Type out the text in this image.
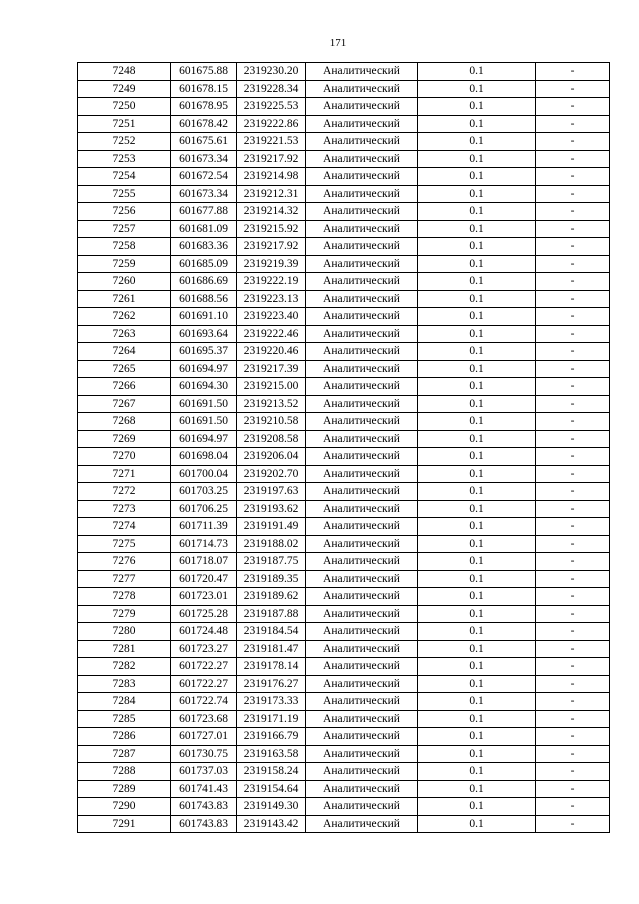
171
7248	601675.88	2319230.20	Аналитический	0.1	-
7249	601678.15	2319228.34	Аналитический	0.1	-
7250	601678.95	2319225.53	Аналитический	0.1	-
7251	601678.42	2319222.86	Аналитический	0.1	-
7252	601675.61	2319221.53	Аналитический	0.1	-
7253	601673.34	2319217.92	Аналитический	0.1	-
7254	601672.54	2319214.98	Аналитический	0.1	-
7255	601673.34	2319212.31	Аналитический	0.1	-
7256	601677.88	2319214.32	Аналитический	0.1	-
7257	601681.09	2319215.92	Аналитический	0.1	-
7258	601683.36	2319217.92	Аналитический	0.1	-
7259	601685.09	2319219.39	Аналитический	0.1	-
7260	601686.69	2319222.19	Аналитический	0.1	-
7261	601688.56	2319223.13	Аналитический	0.1	-
7262	601691.10	2319223.40	Аналитический	0.1	-
7263	601693.64	2319222.46	Аналитический	0.1	-
7264	601695.37	2319220.46	Аналитический	0.1	-
7265	601694.97	2319217.39	Аналитический	0.1	-
7266	601694.30	2319215.00	Аналитический	0.1	-
7267	601691.50	2319213.52	Аналитический	0.1	-
7268	601691.50	2319210.58	Аналитический	0.1	-
7269	601694.97	2319208.58	Аналитический	0.1	-
7270	601698.04	2319206.04	Аналитический	0.1	-
7271	601700.04	2319202.70	Аналитический	0.1	-
7272	601703.25	2319197.63	Аналитический	0.1	-
7273	601706.25	2319193.62	Аналитический	0.1	-
7274	601711.39	2319191.49	Аналитический	0.1	-
7275	601714.73	2319188.02	Аналитический	0.1	-
7276	601718.07	2319187.75	Аналитический	0.1	-
7277	601720.47	2319189.35	Аналитический	0.1	-
7278	601723.01	2319189.62	Аналитический	0.1	-
7279	601725.28	2319187.88	Аналитический	0.1	-
7280	601724.48	2319184.54	Аналитический	0.1	-
7281	601723.27	2319181.47	Аналитический	0.1	-
7282	601722.27	2319178.14	Аналитический	0.1	-
7283	601722.27	2319176.27	Аналитический	0.1	-
7284	601722.74	2319173.33	Аналитический	0.1	-
7285	601723.68	2319171.19	Аналитический	0.1	-
7286	601727.01	2319166.79	Аналитический	0.1	-
7287	601730.75	2319163.58	Аналитический	0.1	-
7288	601737.03	2319158.24	Аналитический	0.1	-
7289	601741.43	2319154.64	Аналитический	0.1	-
7290	601743.83	2319149.30	Аналитический	0.1	-
7291	601743.83	2319143.42	Аналитический	0.1	-
